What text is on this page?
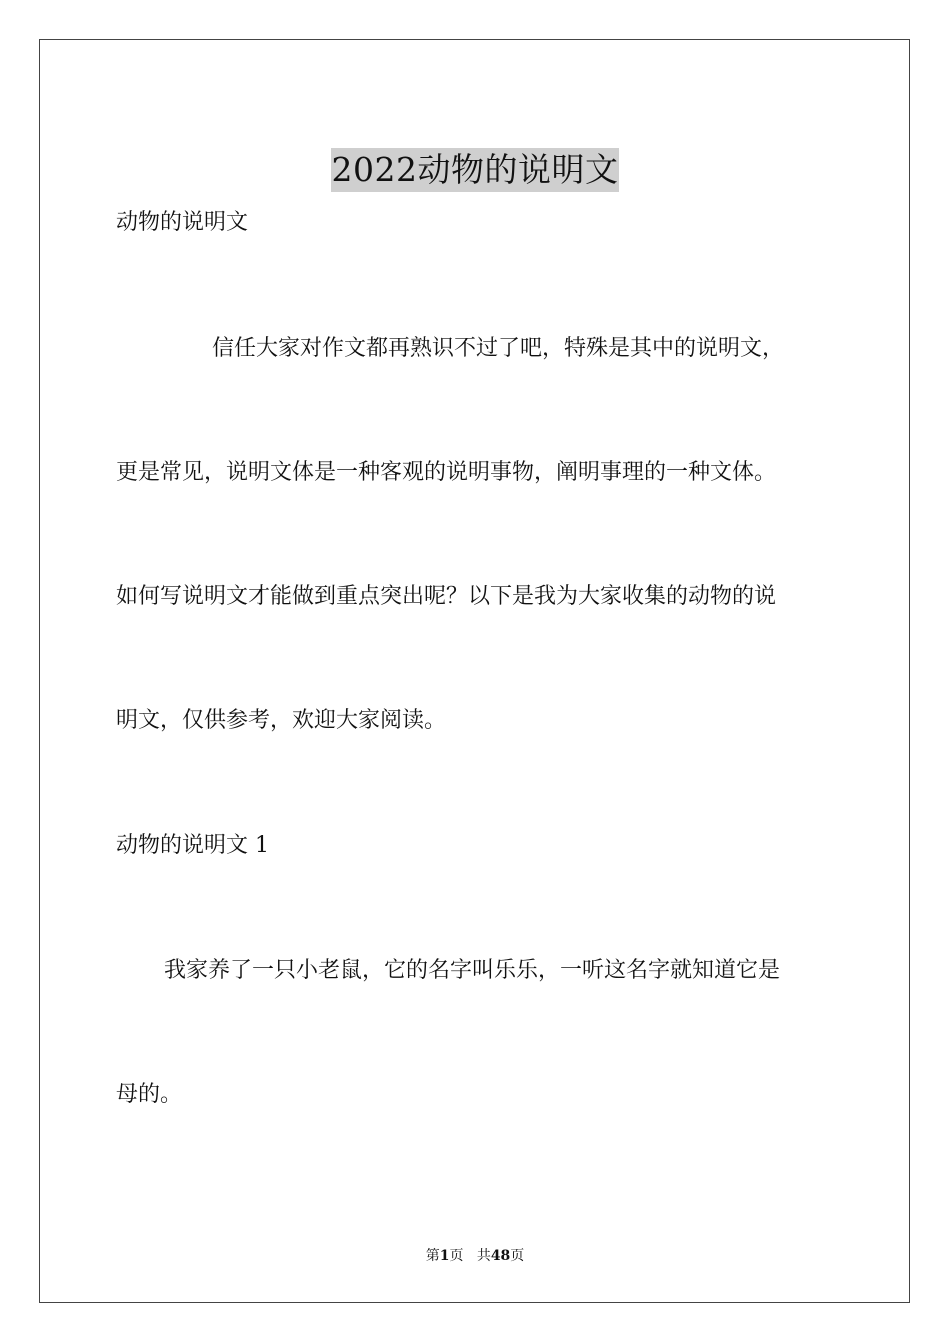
2022动物的说明文
动物的说明文
信任大家对作文都再熟识不过了吧，特殊是其中的说明文，
更是常见，说明文体是一种客观的说明事物，阐明事理的一种文体。
如何写说明文才能做到重点突出呢？以下是我为大家收集的动物的说
明文，仅供参考，欢迎大家阅读。
动物的说明文 1
我家养了一只小老鼠，它的名字叫乐乐，一听这名字就知道它是
母的。
第1页 共48页
